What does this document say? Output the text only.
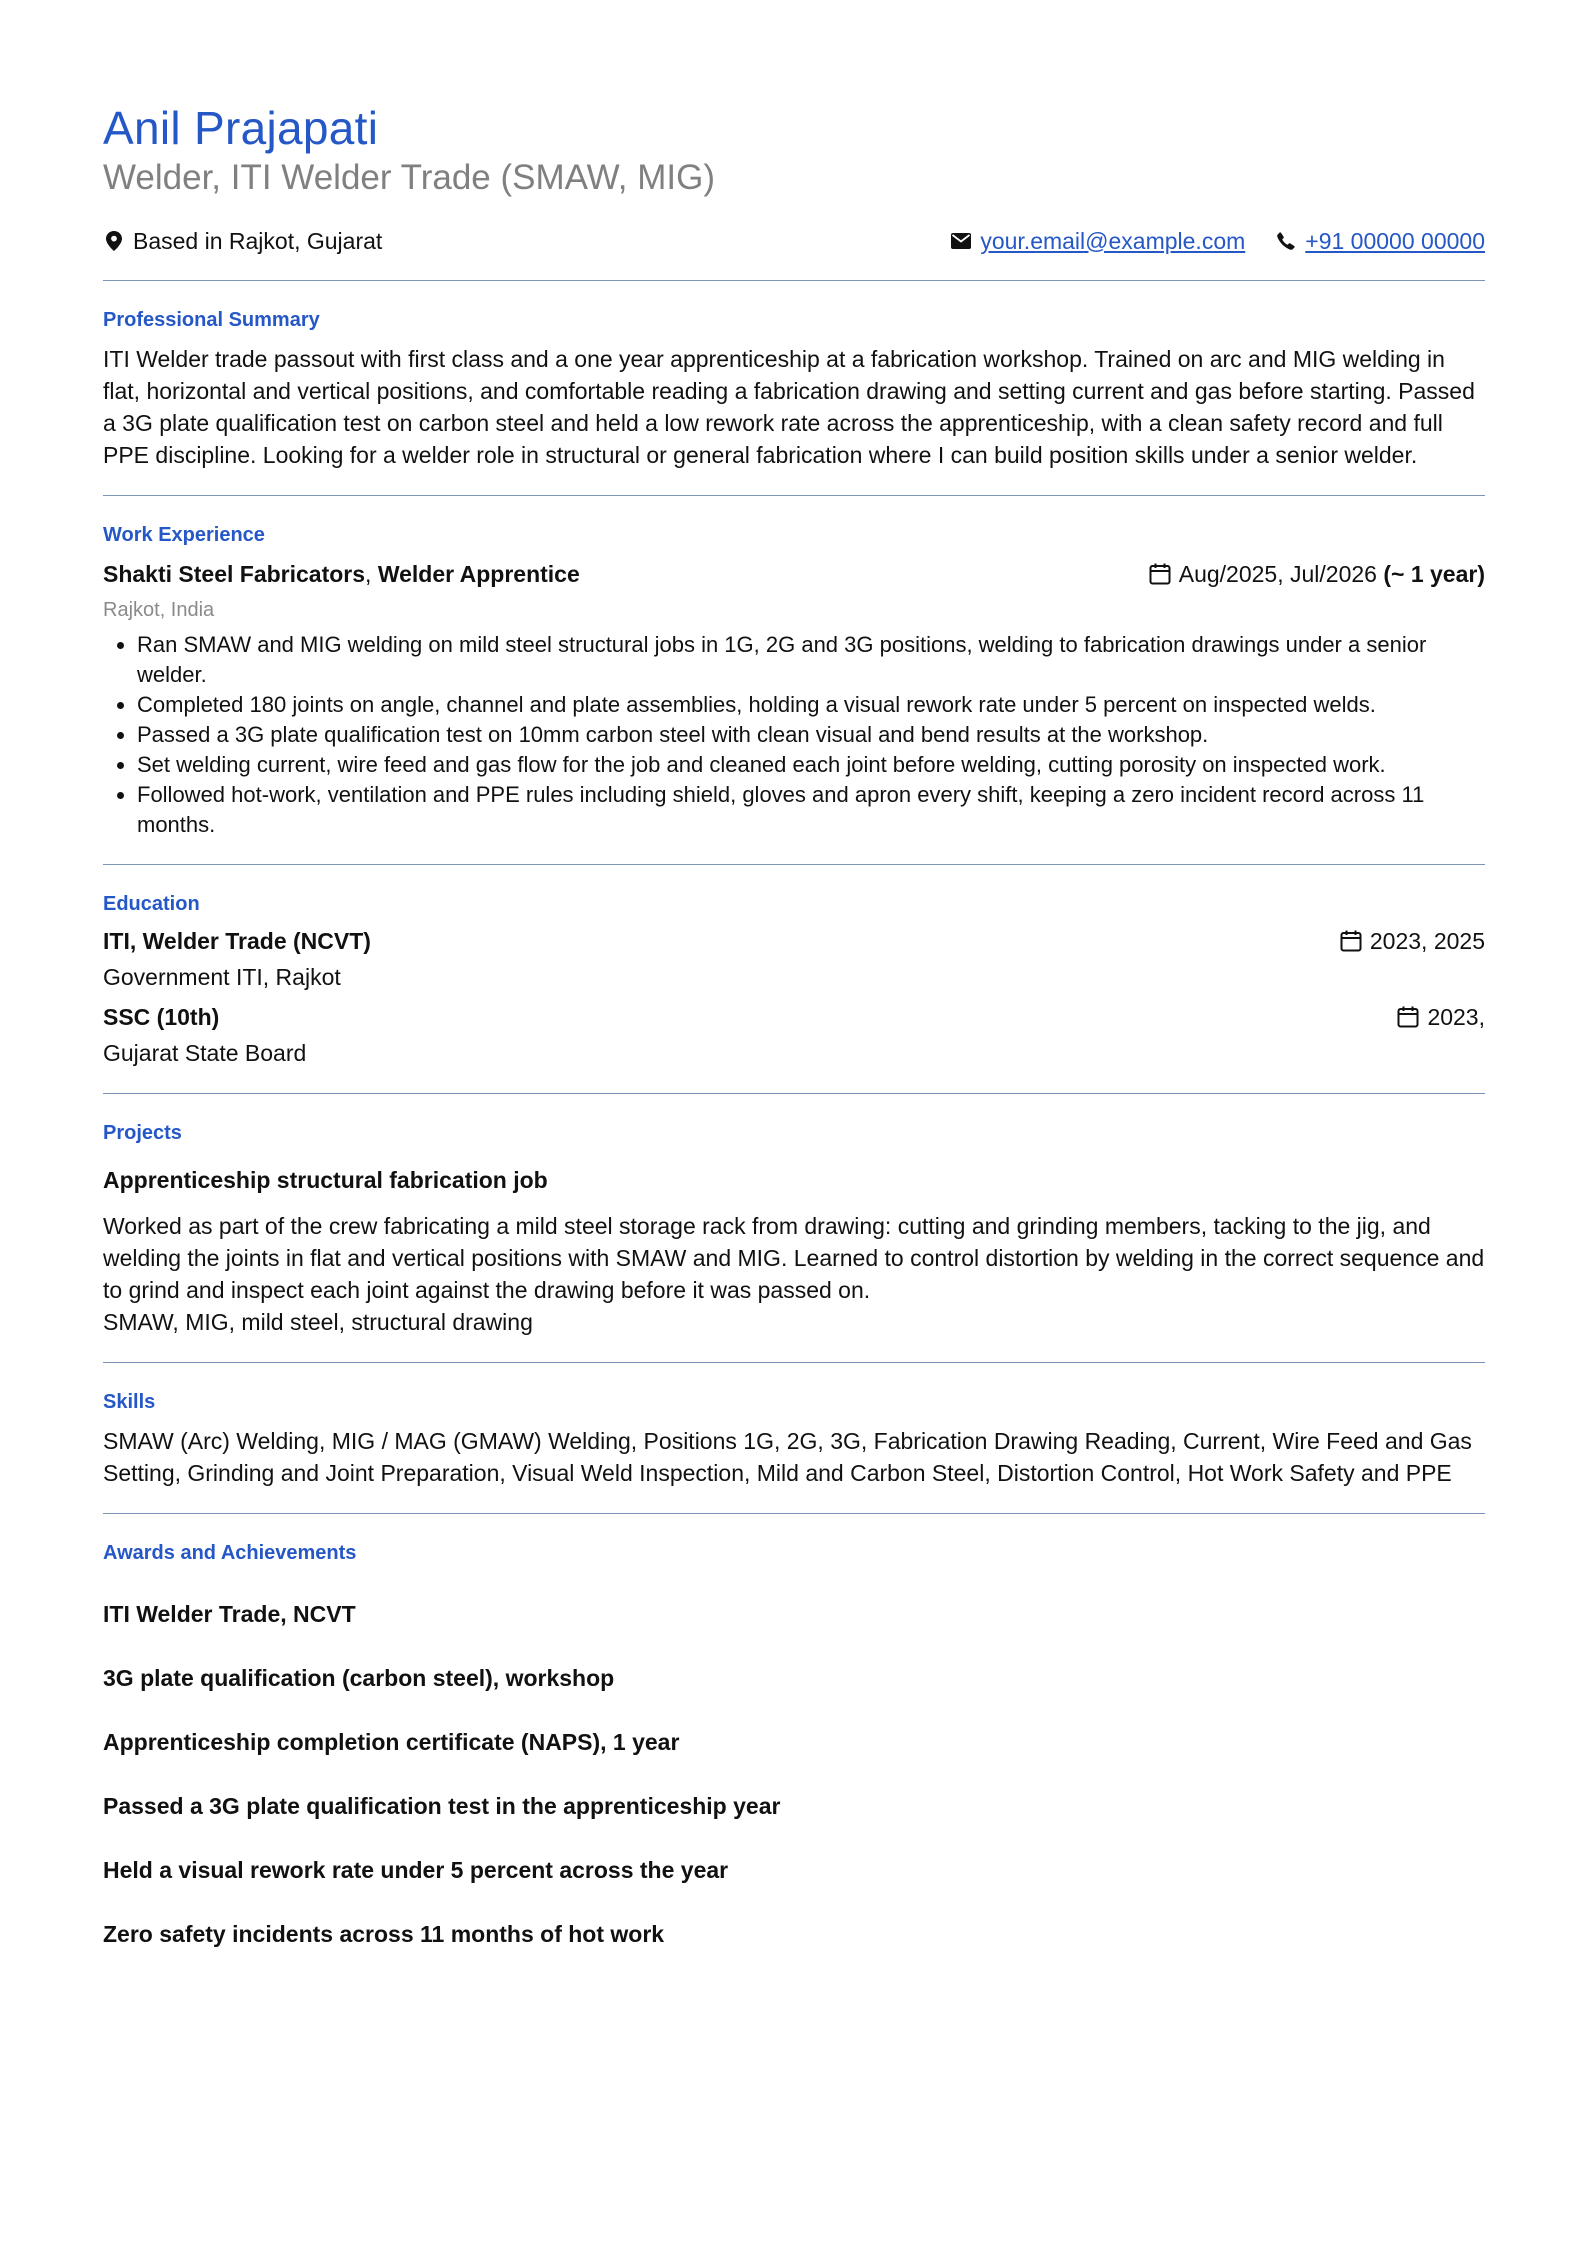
Anil Prajapati
Welder, ITI Welder Trade (SMAW, MIG)
Based in Rajkot, Gujarat	your.email@example.com	+91 00000 00000
Professional Summary
ITI Welder trade passout with first class and a one year apprenticeship at a fabrication workshop. Trained on arc and MIG welding in flat, horizontal and vertical positions, and comfortable reading a fabrication drawing and setting current and gas before starting. Passed a 3G plate qualification test on carbon steel and held a low rework rate across the apprenticeship, with a clean safety record and full PPE discipline. Looking for a welder role in structural or general fabrication where I can build position skills under a senior welder.
Work Experience
Shakti Steel Fabricators, Welder Apprentice	Aug/2025, Jul/2026
(~ 1 year)
Rajkot, India
• Ran SMAW and MIG welding on mild steel structural jobs in 1G, 2G and 3G positions, welding to fabrication drawings under a senior welder.
• Completed 180 joints on angle, channel and plate assemblies, holding a visual rework rate under 5 percent on inspected welds.
• Passed a 3G plate qualification test on 10mm carbon steel with clean visual and bend results at the workshop.
• Set welding current, wire feed and gas flow for the job and cleaned each joint before welding, cutting porosity on inspected work.
• Followed hot-work, ventilation and PPE rules including shield, gloves and apron every shift, keeping a zero incident record across 11 months.
Education
ITI, Welder Trade (NCVT)	2023, 2025
Government ITI, Rajkot
SSC (10th)	2023,
Gujarat State Board
Projects
Apprenticeship structural fabrication job
Worked as part of the crew fabricating a mild steel storage rack from drawing: cutting and grinding members, tacking to the jig, and welding the joints in flat and vertical positions with SMAW and MIG. Learned to control distortion by welding in the correct sequence and to grind and inspect each joint against the drawing before it was passed on.
SMAW, MIG, mild steel, structural drawing
Skills
SMAW (Arc) Welding, MIG / MAG (GMAW) Welding, Positions 1G, 2G, 3G, Fabrication Drawing Reading, Current, Wire Feed and Gas Setting, Grinding and Joint Preparation, Visual Weld Inspection, Mild and Carbon Steel, Distortion Control, Hot Work Safety and PPE
Awards and Achievements
ITI Welder Trade, NCVT
3G plate qualification (carbon steel), workshop
Apprenticeship completion certificate (NAPS), 1 year
Passed a 3G plate qualification test in the apprenticeship year
Held a visual rework rate under 5 percent across the year
Zero safety incidents across 11 months of hot work
